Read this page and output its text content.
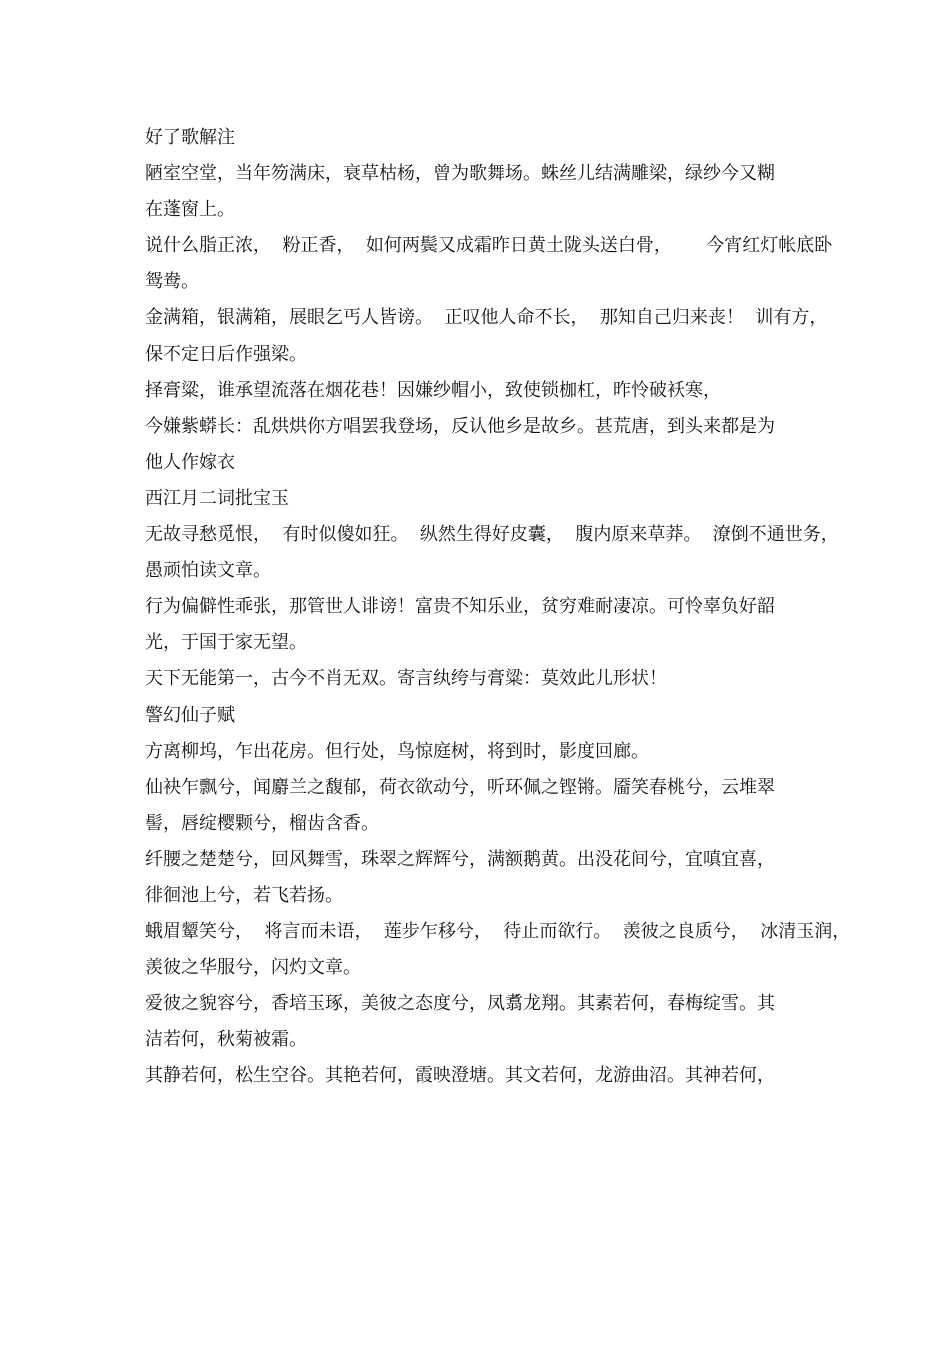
好了歌解注
陋室空堂，当年笏满床，衰草枯杨，曾为歌舞场。蛛丝儿结满雕梁，绿纱今又糊
在蓬窗上。
说什么脂正浓，  粉正香，  如何两鬓又成霜昨日黄土陇头送白骨，      今宵红灯帐底卧
鸳鸯。
金满箱，银满箱，展眼乞丐人皆谤。  正叹他人命不长，  那知自己归来丧！  训有方，
保不定日后作强梁。
择膏粱，谁承望流落在烟花巷！因嫌纱帽小，致使锁枷杠，昨怜破袄寒，
今嫌紫蟒长：乱烘烘你方唱罢我登场，反认他乡是故乡。甚荒唐，到头来都是为
他人作嫁衣
西江月二词批宝玉
无故寻愁觅恨，  有时似傻如狂。  纵然生得好皮囊，  腹内原来草莽。  潦倒不通世务，
愚顽怕读文章。
行为偏僻性乖张，那管世人诽谤！富贵不知乐业，贫穷难耐凄凉。可怜辜负好韶
光，于国于家无望。
天下无能第一，古今不肖无双。寄言纨绔与膏粱：莫效此儿形状！
警幻仙子赋
方离柳坞，乍出花房。但行处，鸟惊庭树，将到时，影度回廊。
仙袂乍飘兮，闻麝兰之馥郁，荷衣欲动兮，听环佩之铿锵。靥笑春桃兮，云堆翠
髻，唇绽樱颗兮，榴齿含香。
纤腰之楚楚兮，回风舞雪，珠翠之辉辉兮，满额鹅黄。出没花间兮，宜嗔宜喜，
徘徊池上兮，若飞若扬。
蛾眉颦笑兮，  将言而未语，  莲步乍移兮，  待止而欲行。  羡彼之良质兮，  冰清玉润，
羡彼之华服兮，闪灼文章。
爱彼之貌容兮，香培玉琢，美彼之态度兮，凤翥龙翔。其素若何，春梅绽雪。其
洁若何，秋菊被霜。
其静若何，松生空谷。其艳若何，霞映澄塘。其文若何，龙游曲沼。其神若何，
